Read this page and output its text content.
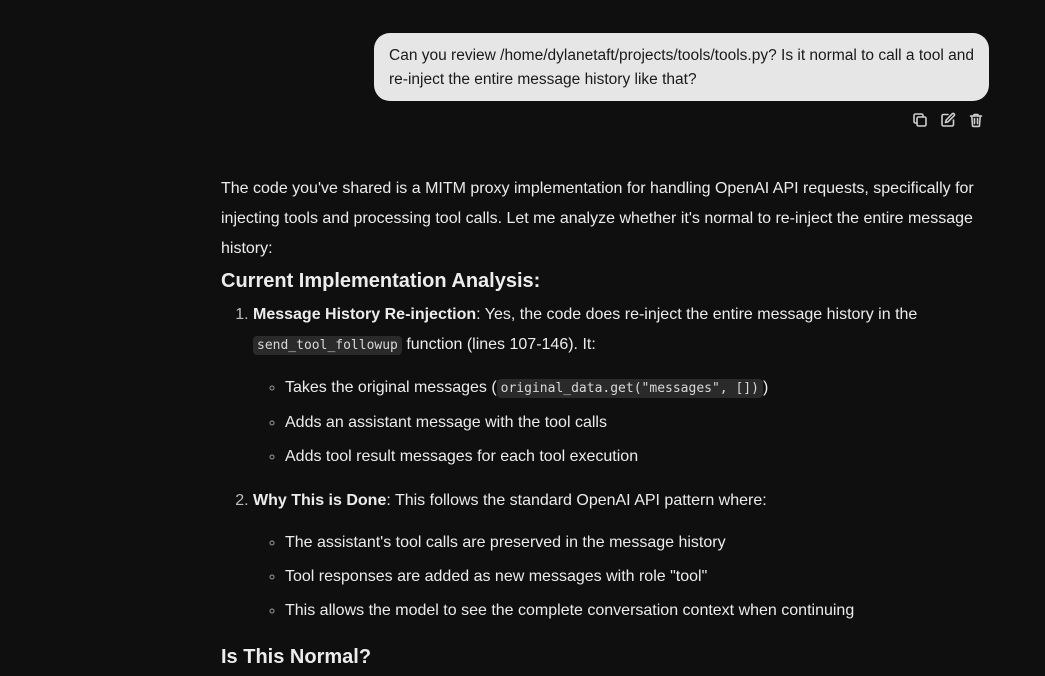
Can you review /home/dylanetaft/projects/tools/tools.py? Is it normal to call a tool and re-inject the entire message history like that?

The code you've shared is a MITM proxy implementation for handling OpenAI API requests, specifically for injecting tools and processing tool calls. Let me analyze whether it's normal to re-inject the entire message history:

Current Implementation Analysis:
1. Message History Re-injection: Yes, the code does re-inject the entire message history in the send_tool_followup function (lines 107-146). It:
◦ Takes the original messages ( original_data.get("messages", []) )
◦ Adds an assistant message with the tool calls
◦ Adds tool result messages for each tool execution
2. Why This is Done: This follows the standard OpenAI API pattern where:
◦ The assistant's tool calls are preserved in the message history
◦ Tool responses are added as new messages with role "tool"
◦ This allows the model to see the complete conversation context when continuing
Is This Normal?
